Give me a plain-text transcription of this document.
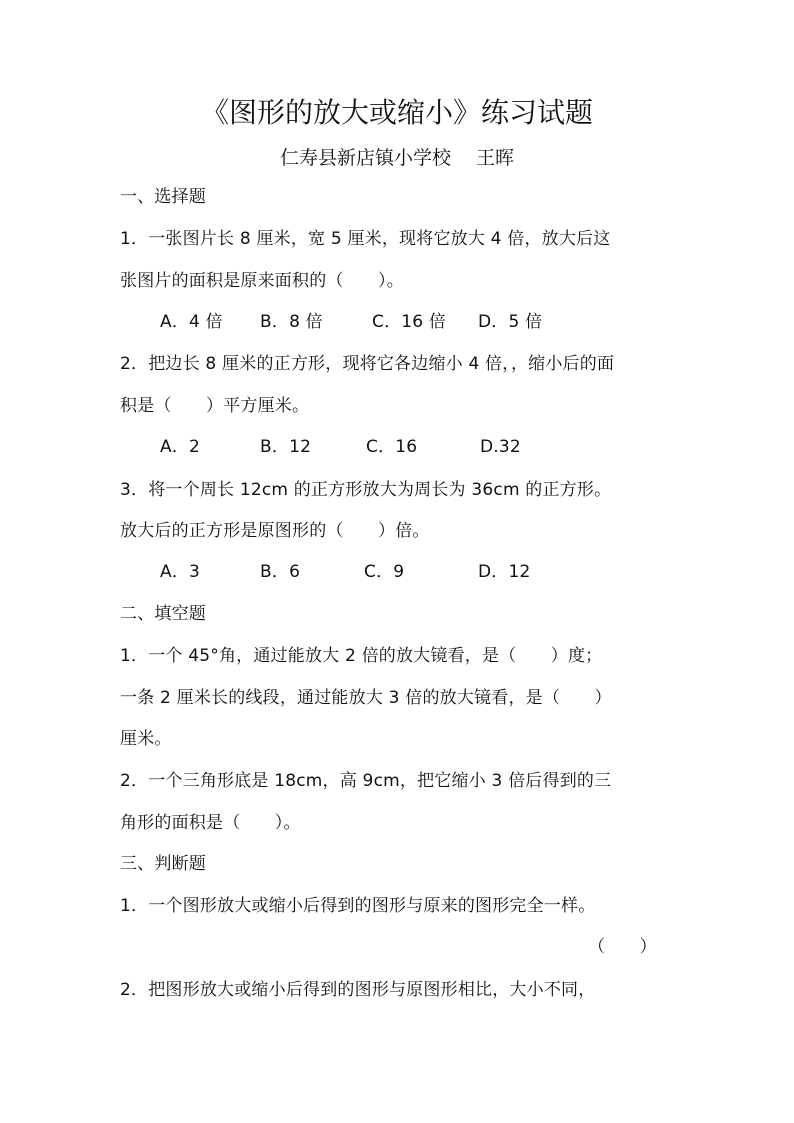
《图形的放大或缩小》练习试题
仁寿县新店镇小学校　 王晖
一、选择题
1．一张图片长 8 厘米，宽 5 厘米，现将它放大 4 倍，放大后这
张图片的面积是原来面积的（　　）。
A．4 倍 B．8 倍	C．16 倍 D．5 倍
2．把边长 8 厘米的正方形，现将它各边缩小 4 倍，，缩小后的面
积是（　　）平方厘米。
A．2	B．12	C．16	D.32
3．将一个周长 12cm 的正方形放大为周长为 36cm 的正方形。
放大后的正方形是原图形的（　　）倍。
A．3	B．6	C．9	D．12
二、填空题
1．一个 45°角，通过能放大 2 倍的放大镜看，是（　　）度；
一条 2 厘米长的线段，通过能放大 3 倍的放大镜看，是（　　）
厘米。
2．一个三角形底是 18cm，高 9cm，把它缩小 3 倍后得到的三
角形的面积是（　　）。
三、判断题
1．一个图形放大或缩小后得到的图形与原来的图形完全一样。
（　　）
2．把图形放大或缩小后得到的图形与原图形相比，大小不同，
